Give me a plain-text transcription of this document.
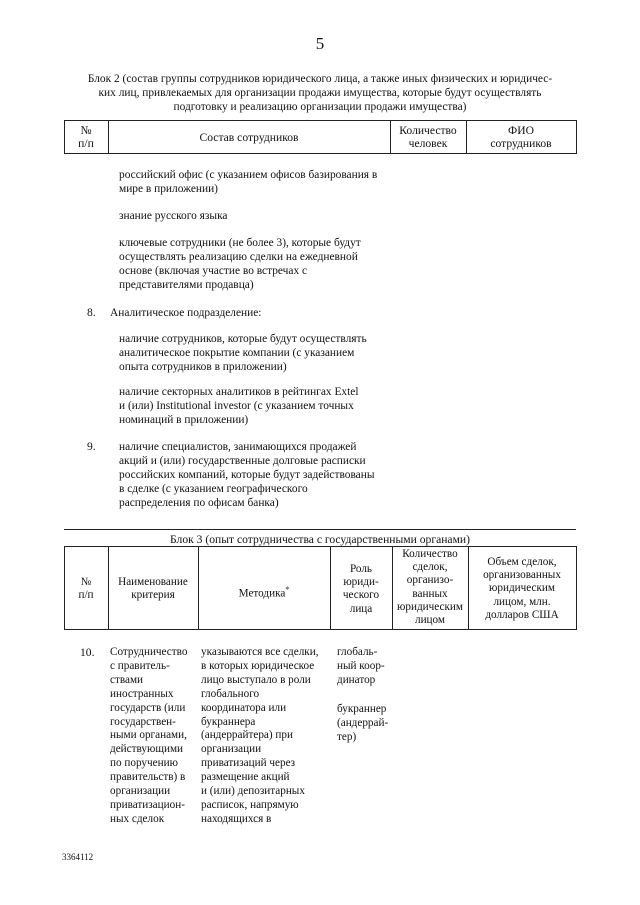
5
Блок 2 (состав группы сотрудников юридического лица, а также иных физических и юридичес-
ких лиц, привлекаемых для организации продажи имущества, которые будут осуществлять
подготовку и реализацию организации продажи имущества)
№
п/п	Состав сотрудников
Количество
человек
ФИО
сотрудников
российский офис (с указанием офисов базирования в
мире в приложении)
знание русского языка
ключевые сотрудники (не более 3), которые будут
осуществлять реализацию сделки на ежедневной
основе (включая участие во встречах с
представителями продавца)
8. Аналитическое подразделение:
наличие сотрудников, которые будут осуществлять
аналитическое покрытие компании (с указанием
опыта сотрудников в приложении)
наличие секторных аналитиков в рейтингах Extel
и (или) Institutional investor (с указанием точных
номинаций в приложении)
9. наличие специалистов, занимающихся продажей
акций и (или) государственные долговые расписки
российских компаний, которые будут задействованы
в сделке (с указанием географического
распределения по офисам банка)
Блок 3 (опыт сотрудничества с государственными органами)
№
п/п
Наименование
критерия	Методика*
Роль
юриди-
ческого
лица
Количество
сделок,
организо-
ванных
юридическим
лицом
Объем сделок,
организованных
юридическим
лицом, млн.
долларов США
10. Сотрудничество
с правитель-
ствами
иностранных
государств (или
государствен-
ными органами,
действующими
по поручению
правительств) в
организации
приватизацион-
ных сделок
указываются все сделки,
в которых юридическое
лицо выступало в роли
глобального
координатора или
букраннера
(андеррайтера) при
организации
приватизаций через
размещение акций
и (или) депозитарных
расписок, напрямую
находящихся в
глобаль-
ный коор-
динатор
букраннер
(андеррай-
тер)
3364112
